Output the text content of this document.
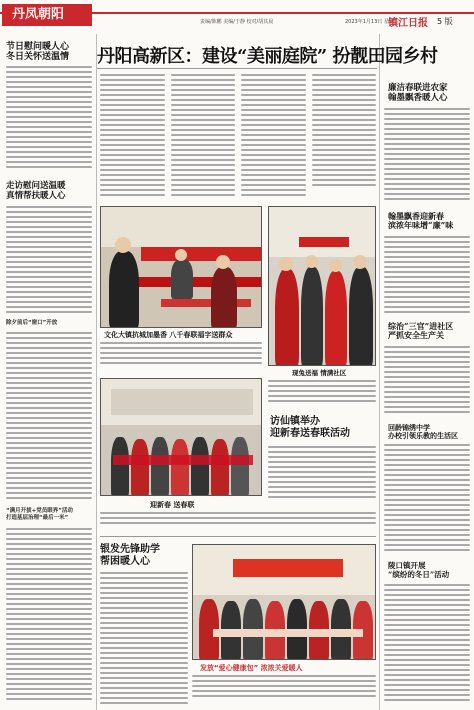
丹凤朝阳	责编/陈鹏 美编/于静 校对/胡其晨	2023年1月13日 星期五
镇江日报 5 版
丹阳高新区：建设“美丽庭院” 扮靓田园乡村
节日慰问暖人心
冬日关怀送温情
走访慰问送温暖
真情帮扶暖人心
除夕前后“窗口”开放
“满月开拔+党员眼界”活动
打造基层治理“最后一米”
文化大镇抗城加墨香 八千春联福字送群众
现兔送福 情满社区
迎新春 送春联
访仙镇举办
迎新春送春联活动
银发先锋助学
帮困暖人心
发放“爱心健康包” 浓浓关爱暖人
廉洁春联进农家
翰墨飘香暖人心
翰墨飘香迎新春
滨浓年味增“廉”味
综治“三官”进社区
严抓安全生产关
回龄锦绣中学
办校引领乐教的生活区
陵口镇开展
“缤纷的冬日”活动
